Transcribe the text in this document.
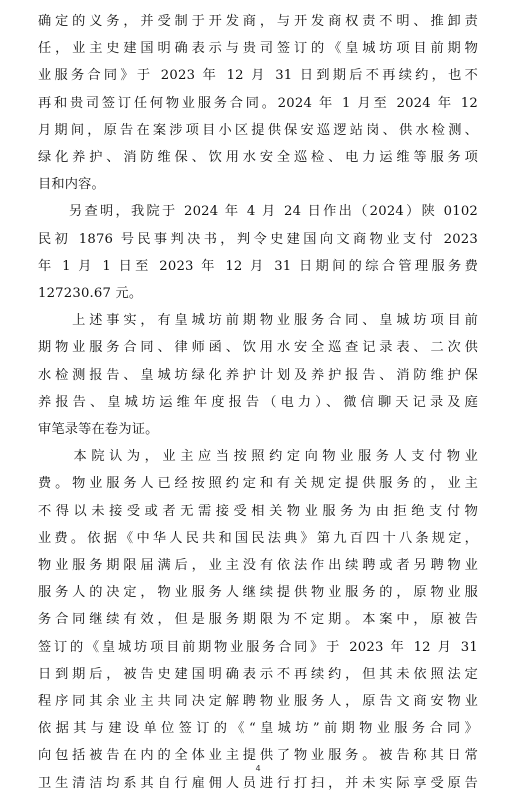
确定的义务，并受制于开发商，与开发商权责不明、推卸责
任，业主史建国明确表示与贵司签订的《皇城坊项目前期物
业服务合同》于 2023 年 12 月 31 日到期后不再续约，也不
再和贵司签订任何物业服务合同。2024 年 1 月至 2024 年 12
月期间，原告在案涉项目小区提供保安巡逻站岗、供水检测、
绿化养护、消防维保、饮用水安全巡检、电力运维等服务项
目和内容。
　　另查明，我院于 2024 年 4 月 24 日作出（2024）陕 0102
民初 1876 号民事判决书，判令史建国向文商物业支付 2023
年 1 月 1 日至 2023 年 12 月 31 日期间的综合管理服务费
127230.67 元。
　　上述事实，有皇城坊前期物业服务合同、皇城坊项目前
期物业服务合同、律师函、饮用水安全巡查记录表、二次供
水检测报告、皇城坊绿化养护计划及养护报告、消防维护保
养报告、皇城坊运维年度报告（电力）、微信聊天记录及庭
审笔录等在卷为证。
　　本院认为，业主应当按照约定向物业服务人支付物业
费。物业服务人已经按照约定和有关规定提供服务的，业主
不得以未接受或者无需接受相关物业服务为由拒绝支付物
业费。依据《中华人民共和国民法典》第九百四十八条规定，
物业服务期限届满后，业主没有依法作出续聘或者另聘物业
服务人的决定，物业服务人继续提供物业服务的，原物业服
务合同继续有效，但是服务期限为不定期。本案中，原被告
签订的《皇城坊项目前期物业服务合同》于 2023 年 12 月 31
日到期后，被告史建国明确表示不再续约，但其未依照法定
程序同其余业主共同决定解聘物业服务人，原告文商安物业
依据其与建设单位签订的《“皇城坊”前期物业服务合同》
向包括被告在内的全体业主提供了物业服务。被告称其日常
卫生清洁均系其自行雇佣人员进行打扫，并未实际享受原告
4
